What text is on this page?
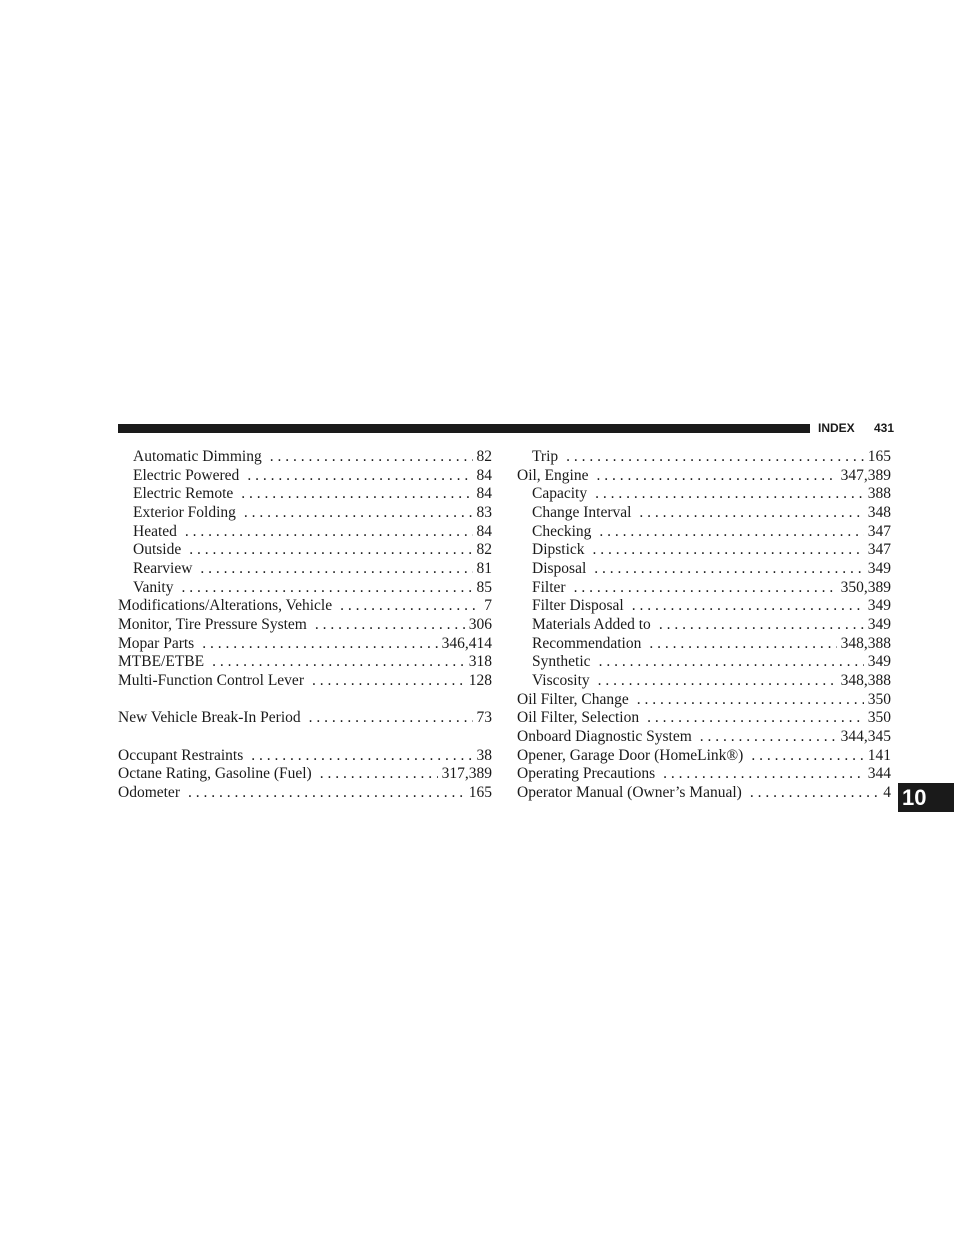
INDEX 431
Automatic Dimming . . .	82
Electric Powered . . .	84
Electric Remote . . .	84
Exterior Folding . . .	83
Heated . . .	84
Outside . . .	82
Rearview . . .	81
Vanity . . .	85
Modifications/Alterations, Vehicle . . .	7
Monitor, Tire Pressure System . . .	306
Mopar Parts . . .	346,414
MTBE/ETBE . . .	318
Multi-Function Control Lever . . .	128
New Vehicle Break-In Period . . .	73
Occupant Restraints . . .	38
Octane Rating, Gasoline (Fuel) . . .	317,389
Odometer . . .	165
Trip . . .	165
Oil, Engine . . .	347,389
Capacity . . .	388
Change Interval . . .	348
Checking . . .	347
Dipstick . . .	347
Disposal . . .	349
Filter . . .	350,389
Filter Disposal . . .	349
Materials Added to . . .	349
Recommendation . . .	348,388
Synthetic . . .	349
Viscosity . . .	348,388
Oil Filter, Change . . .	350
Oil Filter, Selection . . .	350
Onboard Diagnostic System . . .	344,345
Opener, Garage Door (HomeLink®) . . .	141
Operating Precautions . . .	344
Operator Manual (Owner’s Manual) . . .	4 10
